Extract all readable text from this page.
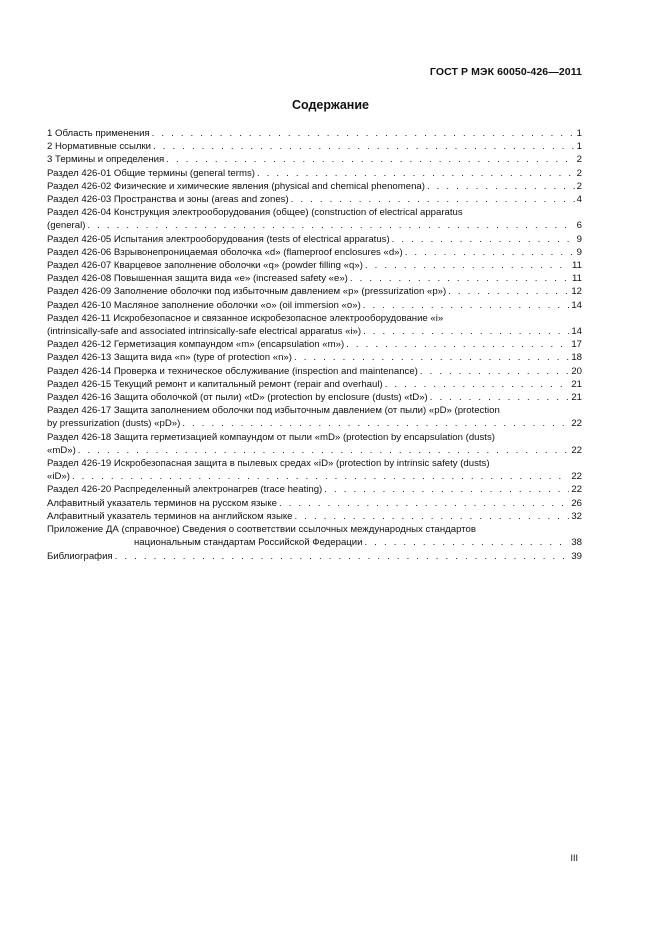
ГОСТ Р МЭК 60050-426—2011
Содержание
1 Область применения . . .	1
2 Нормативные ссылки . . .	1
3 Термины и определения . . .	2
Раздел 426-01 Общие термины (general terms) . . .	2
Раздел 426-02 Физические и химические явления (physical and chemical phenomena) . . .	2
Раздел 426-03 Пространства и зоны (areas and zones) . . .	4
Раздел 426-04 Конструкция электрооборудования (общее) (construction of electrical apparatus
(general) . . .	6
Раздел 426-05 Испытания электрооборудования (tests of electrical apparatus) . . .	9
Раздел 426-06 Взрывонепроницаемая оболочка «d» (flameproof enclosures «d») . . .	9
Раздел 426-07 Кварцевое заполнение оболочки «q» (powder filling «q») . . .	11
Раздел 426-08 Повышенная защита вида «е» (increased safety «е») . . .	11
Раздел 426-09 Заполнение оболочки под избыточным давлением «р» (pressurization «р») . . .	12
Раздел 426-10 Масляное заполнение оболочки «о» (oil immersion «о») . . .	14
Раздел 426-11 Искробезопасное и связанное искробезопасное электрооборудование «i»
(intrinsically-safe and associated intrinsically-safe electrical apparatus «i») . . .	14
Раздел 426-12 Герметизация компаундом «m» (encapsulation «m») . . .	17
Раздел 426-13 Защита вида «n» (type of protection «n») . . .	18
Раздел 426-14 Проверка и техническое обслуживание (inspection and maintenance) . . .	20
Раздел 426-15 Текущий ремонт и капитальный ремонт (repair and overhaul) . . .	21
Раздел 426-16 Защита оболочкой (от пыли) «tD» (protection by enclosure (dusts) «tD») . . .	21
Раздел 426-17 Защита заполнением оболочки под избыточным давлением (от пыли) «pD» (protection
by pressurization (dusts) «pD») . . .	22
Раздел 426-18 Защита герметизацией компаундом от пыли «mD» (protection by encapsulation (dusts)
«mD») . . .	22
Раздел 426-19 Искробезопасная защита в пылевых средах «iD» (protection by intrinsic safety (dusts)
«iD») . . .	22
Раздел 426-20 Распределенный электронагрев (trace heating) . . .	22
Алфавитный указатель терминов на русском языке . . .	26
Алфавитный указатель терминов на английском языке . . .	32
Приложение ДА (справочное) Сведения о соответствии ссылочных международных стандартов
национальным стандартам Российской Федерации . . .	38
Библиография . . .	39
III
